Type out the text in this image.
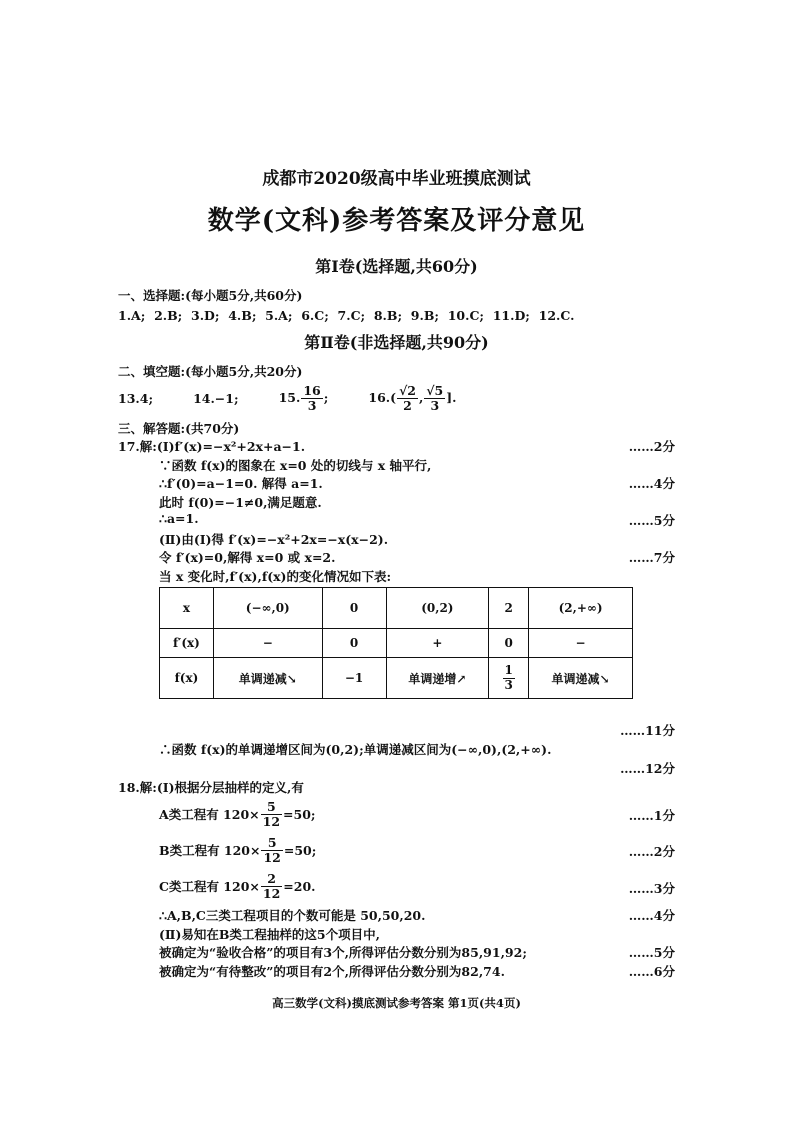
成都市2020级高中毕业班摸底测试
数学(文科)参考答案及评分意见
第Ⅰ卷(选择题,共60分)
一、选择题:(每小题5分,共60分)
1.A;  2.B;  3.D;  4.B;  5.A;  6.C;  7.C;  8.B;  9.B;  10.C;  11.D;  12.C.
第Ⅱ卷(非选择题,共90分)
二、填空题:(每小题5分,共20分)
13.4;	14.−1;	15. $\frac{16}{3}$ ;	$16.( \frac{√2}{2}$ , $\frac{√5}{3}$ ].
三、解答题:(共70分)
17.解:(Ⅰ)f′(x)=−x²+2x+a−1.	……2分
∵函数 f(x)的图象在 x=0 处的切线与 x 轴平行,
∴f′(0)=a−1=0. 解得 a=1.	……4分
此时 f(0)=−1≠0,满足题意.
∴a=1.	……5分
(Ⅱ)由(Ⅰ)得 f′(x)=−x²+2x=−x(x−2).
令 f′(x)=0,解得 x=0 或 x=2.	……7分
当 x 变化时,f′(x),f(x)的变化情况如下表:
x	(−∞,0)	0	(0,2)	2	(2,+∞)
f′(x)	−	0	+	0	−
f(x)	单调递减↘	−1	单调递增↗	$\frac{1}{3}$	单调递减↘
……11分
∴函数 f(x)的单调递增区间为(0,2);单调递减区间为(−∞,0),(2,+∞).
……12分
18.解:(Ⅰ)根据分层抽样的定义,有
A类工程有 $120\times \frac{5}{12} =50$;	……1分
B类工程有 $120\times \frac{5}{12} =50$;	……2分
C类工程有 $120\times \frac{2}{12} =20$.	……3分
∴A,B,C三类工程项目的个数可能是 50,50,20.	……4分
(Ⅱ)易知在B类工程抽样的这5个项目中,
被确定为“验收合格”的项目有3个,所得评估分数分别为85,91,92;	……5分
被确定为“有待整改”的项目有2个,所得评估分数分别为82,74.	……6分
高三数学(文科)摸底测试参考答案 第1页(共4页)
